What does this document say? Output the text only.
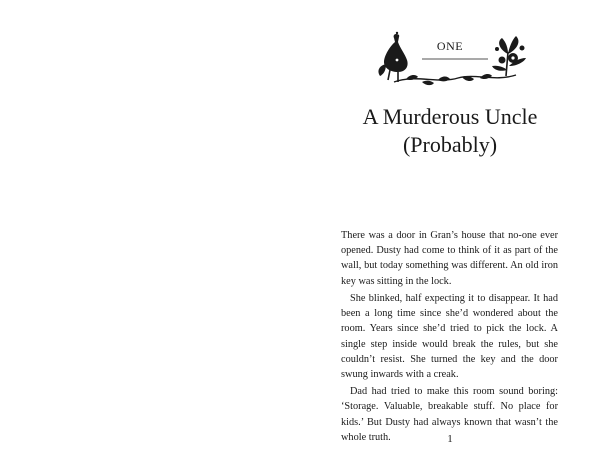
ONE
A Murderous Uncle
(Probably)

There was a door in Gran’s house that no-one ever opened. Dusty had come to think of it as part of the wall, but today something was different. An old iron key was sitting in the lock.

She blinked, half expecting it to disappear. It had been a long time since she’d wondered about the room. Years since she’d tried to pick the lock. A single step inside would break the rules, but she couldn’t resist. She turned the key and the door swung inwards with a creak.

Dad had tried to make this room sound boring: ‘Storage. Valuable, breakable stuff. No place for kids.’ But Dusty had always known that wasn’t the whole truth.	1
